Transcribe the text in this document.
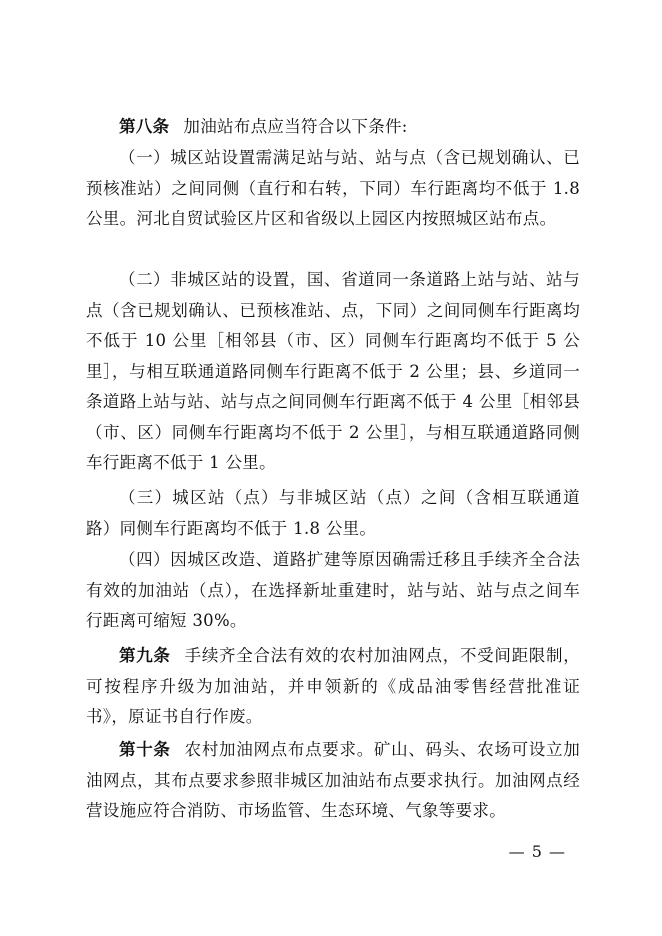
第八条 加油站布点应当符合以下条件:

（一）城区站设置需满足站与站、站与点（含已规划确认、已预核准站）之间同侧（直行和右转，下同）车行距离均不低于 1.8 公里。河北自贸试验区片区和省级以上园区内按照城区站布点。

（二）非城区站的设置，国、省道同一条道路上站与站、站与点（含已规划确认、已预核准站、点，下同）之间同侧车行距离均不低于 10 公里［相邻县（市、区）同侧车行距离均不低于 5 公里］，与相互联通道路同侧车行距离不低于 2 公里；县、乡道同一条道路上站与站、站与点之间同侧车行距离不低于 4 公里［相邻县（市、区）同侧车行距离均不低于 2 公里］，与相互联通道路同侧车行距离不低于 1 公里。

（三）城区站（点）与非城区站（点）之间（含相互联通道路）同侧车行距离均不低于 1.8 公里。

（四）因城区改造、道路扩建等原因确需迁移且手续齐全合法有效的加油站（点），在选择新址重建时，站与站、站与点之间车行距离可缩短 30%。

第九条 手续齐全合法有效的农村加油网点，不受间距限制，可按程序升级为加油站，并申领新的《成品油零售经营批准证书》，原证书自行作废。

第十条 农村加油网点布点要求。矿山、码头、农场可设立加油网点，其布点要求参照非城区加油站布点要求执行。加油网点经营设施应符合消防、市场监管、生态环境、气象等要求。

— 5 —
